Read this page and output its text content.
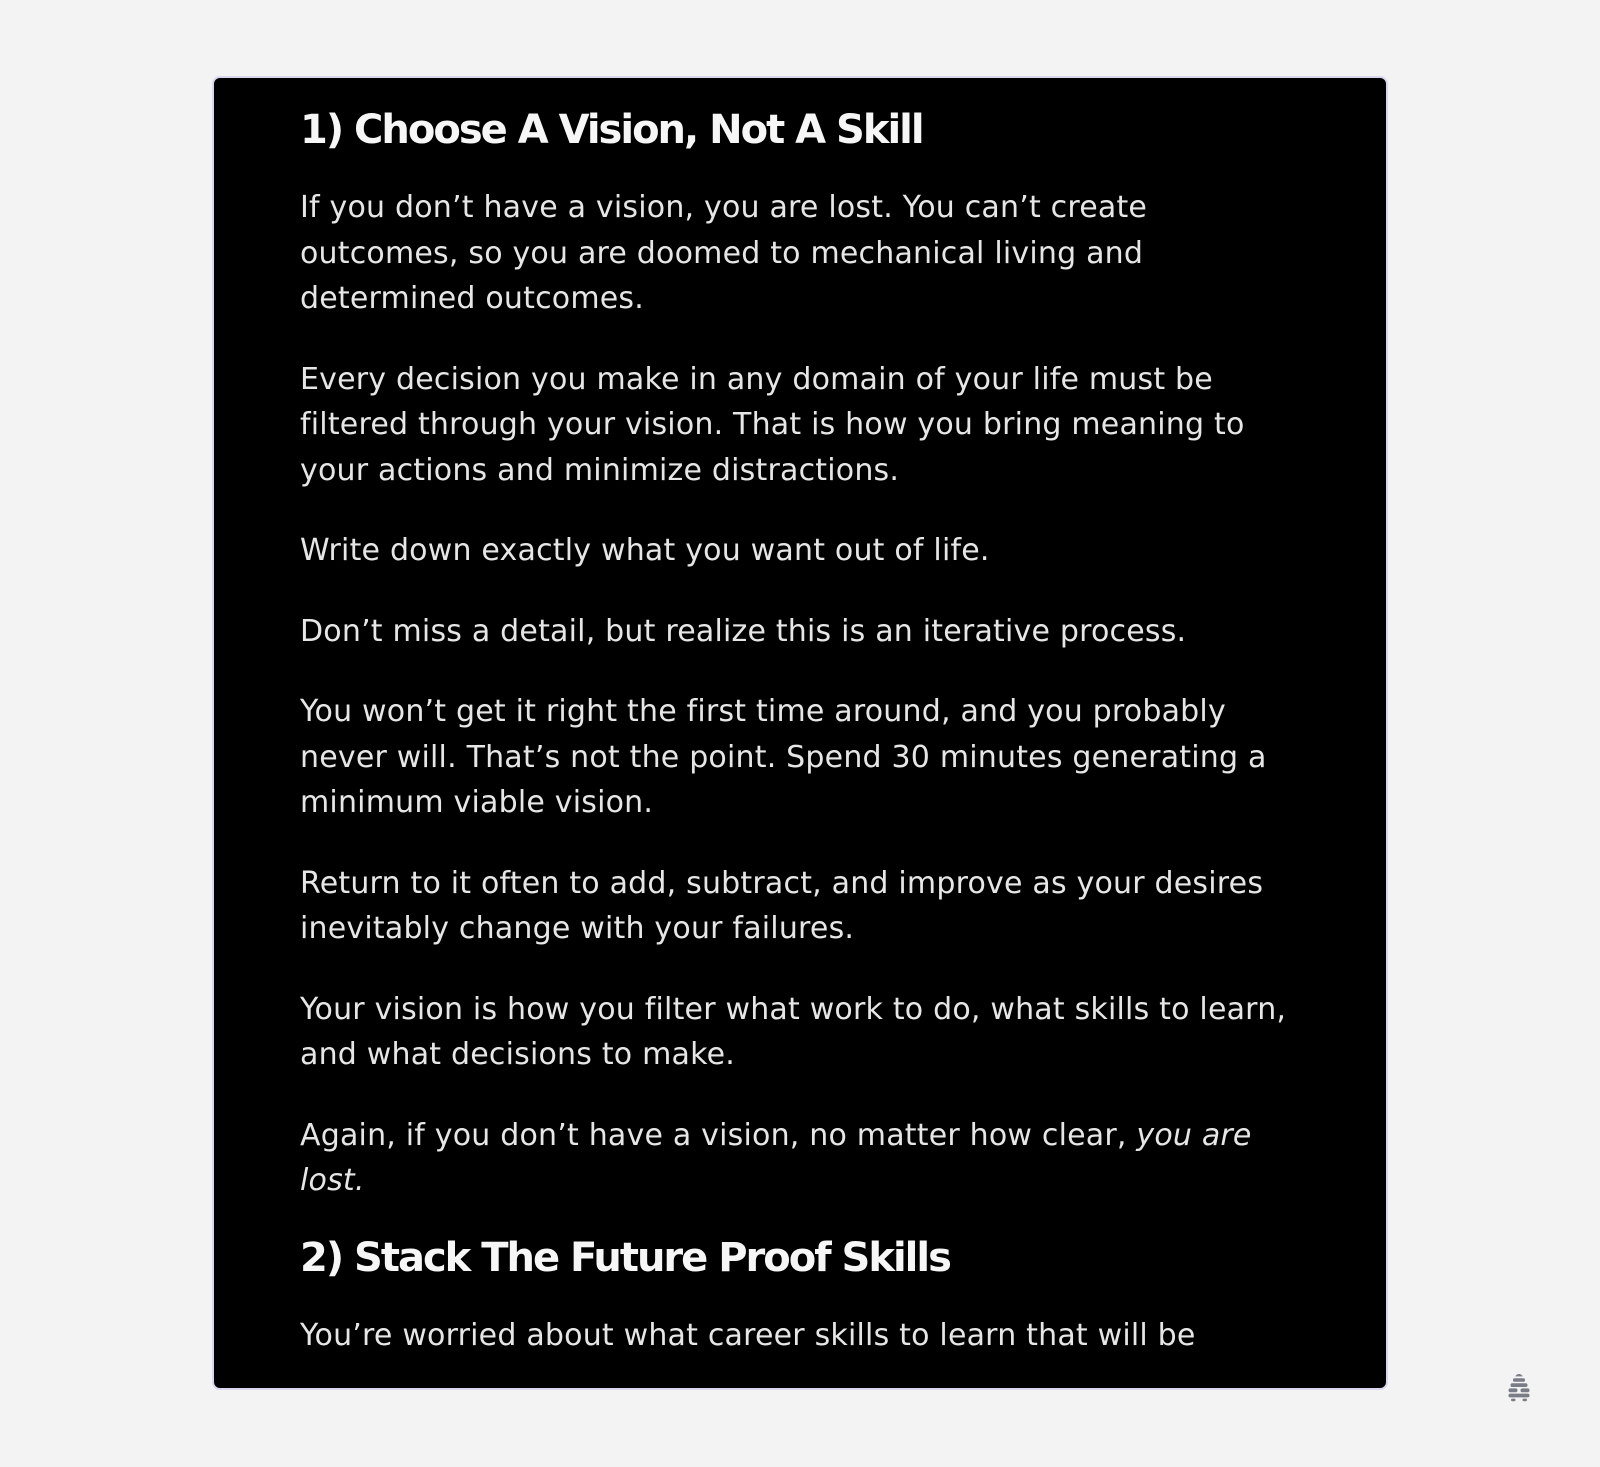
1) Choose A Vision, Not A Skill

If you don’t have a vision, you are lost. You can’t create outcomes, so you are doomed to mechanical living and determined outcomes.

Every decision you make in any domain of your life must be filtered through your vision. That is how you bring meaning to your actions and minimize distractions.

Write down exactly what you want out of life.

Don’t miss a detail, but realize this is an iterative process.

You won’t get it right the first time around, and you probably never will. That’s not the point. Spend 30 minutes generating a minimum viable vision.

Return to it often to add, subtract, and improve as your desires inevitably change with your failures.

Your vision is how you filter what work to do, what skills to learn, and what decisions to make.

Again, if you don’t have a vision, no matter how clear, you are lost.

2) Stack The Future Proof Skills

You’re worried about what career skills to learn that will be
